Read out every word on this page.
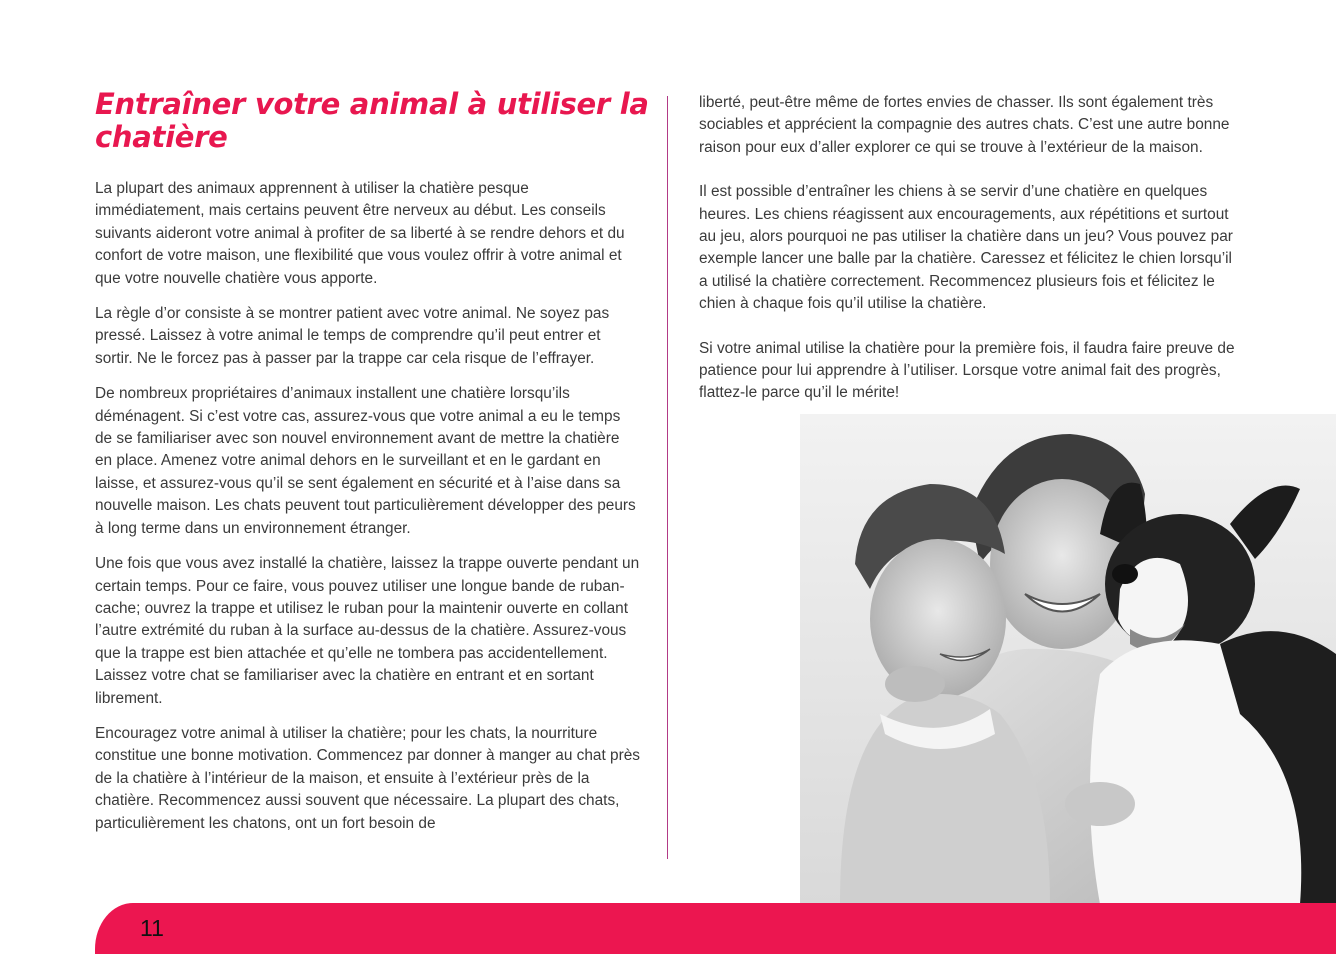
Entraîner votre animal à utiliser la chatière

La plupart des animaux apprennent à utiliser la chatière pesque immédiatement, mais certains peuvent être nerveux au début. Les conseils suivants aideront votre animal à profiter de sa liberté à se rendre dehors et du confort de votre maison, une flexibilité que vous voulez offrir à votre animal et que votre nouvelle chatière vous apporte.

La règle d’or consiste à se montrer patient avec votre animal. Ne soyez pas pressé. Laissez à votre animal le temps de comprendre qu’il peut entrer et sortir. Ne le forcez pas à passer par la trappe car cela risque de l’effrayer.

De nombreux propriétaires d’animaux installent une chatière lorsqu’ils déménagent. Si c’est votre cas, assurez-vous que votre animal a eu le temps de se familiariser avec son nouvel environnement avant de mettre la chatière en place. Amenez votre animal dehors en le surveillant et en le gardant en laisse, et assurez-vous qu’il se sent également en sécurité et à l’aise dans sa nouvelle maison. Les chats peuvent tout particulièrement développer des peurs à long terme dans un environnement étranger.

Une fois que vous avez installé la chatière, laissez la trappe ouverte pendant un certain temps. Pour ce faire, vous pouvez utiliser une longue bande de ruban-cache; ouvrez la trappe et utilisez le ruban pour la maintenir ouverte en collant l’autre extrémité du ruban à la surface au-dessus de la chatière. Assurez-vous que la trappe est bien attachée et qu’elle ne tombera pas accidentellement. Laissez votre chat se familiariser avec la chatière en entrant et en sortant librement.

Encouragez votre animal à utiliser la chatière; pour les chats, la nourriture constitue une bonne motivation. Commencez par donner à manger au chat près de la chatière à l’intérieur de la maison, et ensuite à l’extérieur près de la chatière. Recommencez aussi souvent que nécessaire. La plupart des chats, particulièrement les chatons, ont un fort besoin de

liberté, peut-être même de fortes envies de chasser. Ils sont également très sociables et apprécient la compagnie des autres chats. C’est une autre bonne raison pour eux d’aller explorer ce qui se trouve à l’extérieur de la maison.

Il est possible d’entraîner les chiens à se servir d’une chatière en quelques heures. Les chiens réagissent aux encouragements, aux répétitions et surtout au jeu, alors pourquoi ne pas utiliser la chatière dans un jeu? Vous pouvez par exemple lancer une balle par la chatière. Caressez et félicitez le chien lorsqu’il a utilisé la chatière correctement. Recommencez plusieurs fois et félicitez le chien à chaque fois qu’il utilise la chatière.

Si votre animal utilise la chatière pour la première fois, il faudra faire preuve de patience pour lui apprendre à l’utiliser. Lorsque votre animal fait des progrès, flattez-le parce qu’il le mérite!

11
